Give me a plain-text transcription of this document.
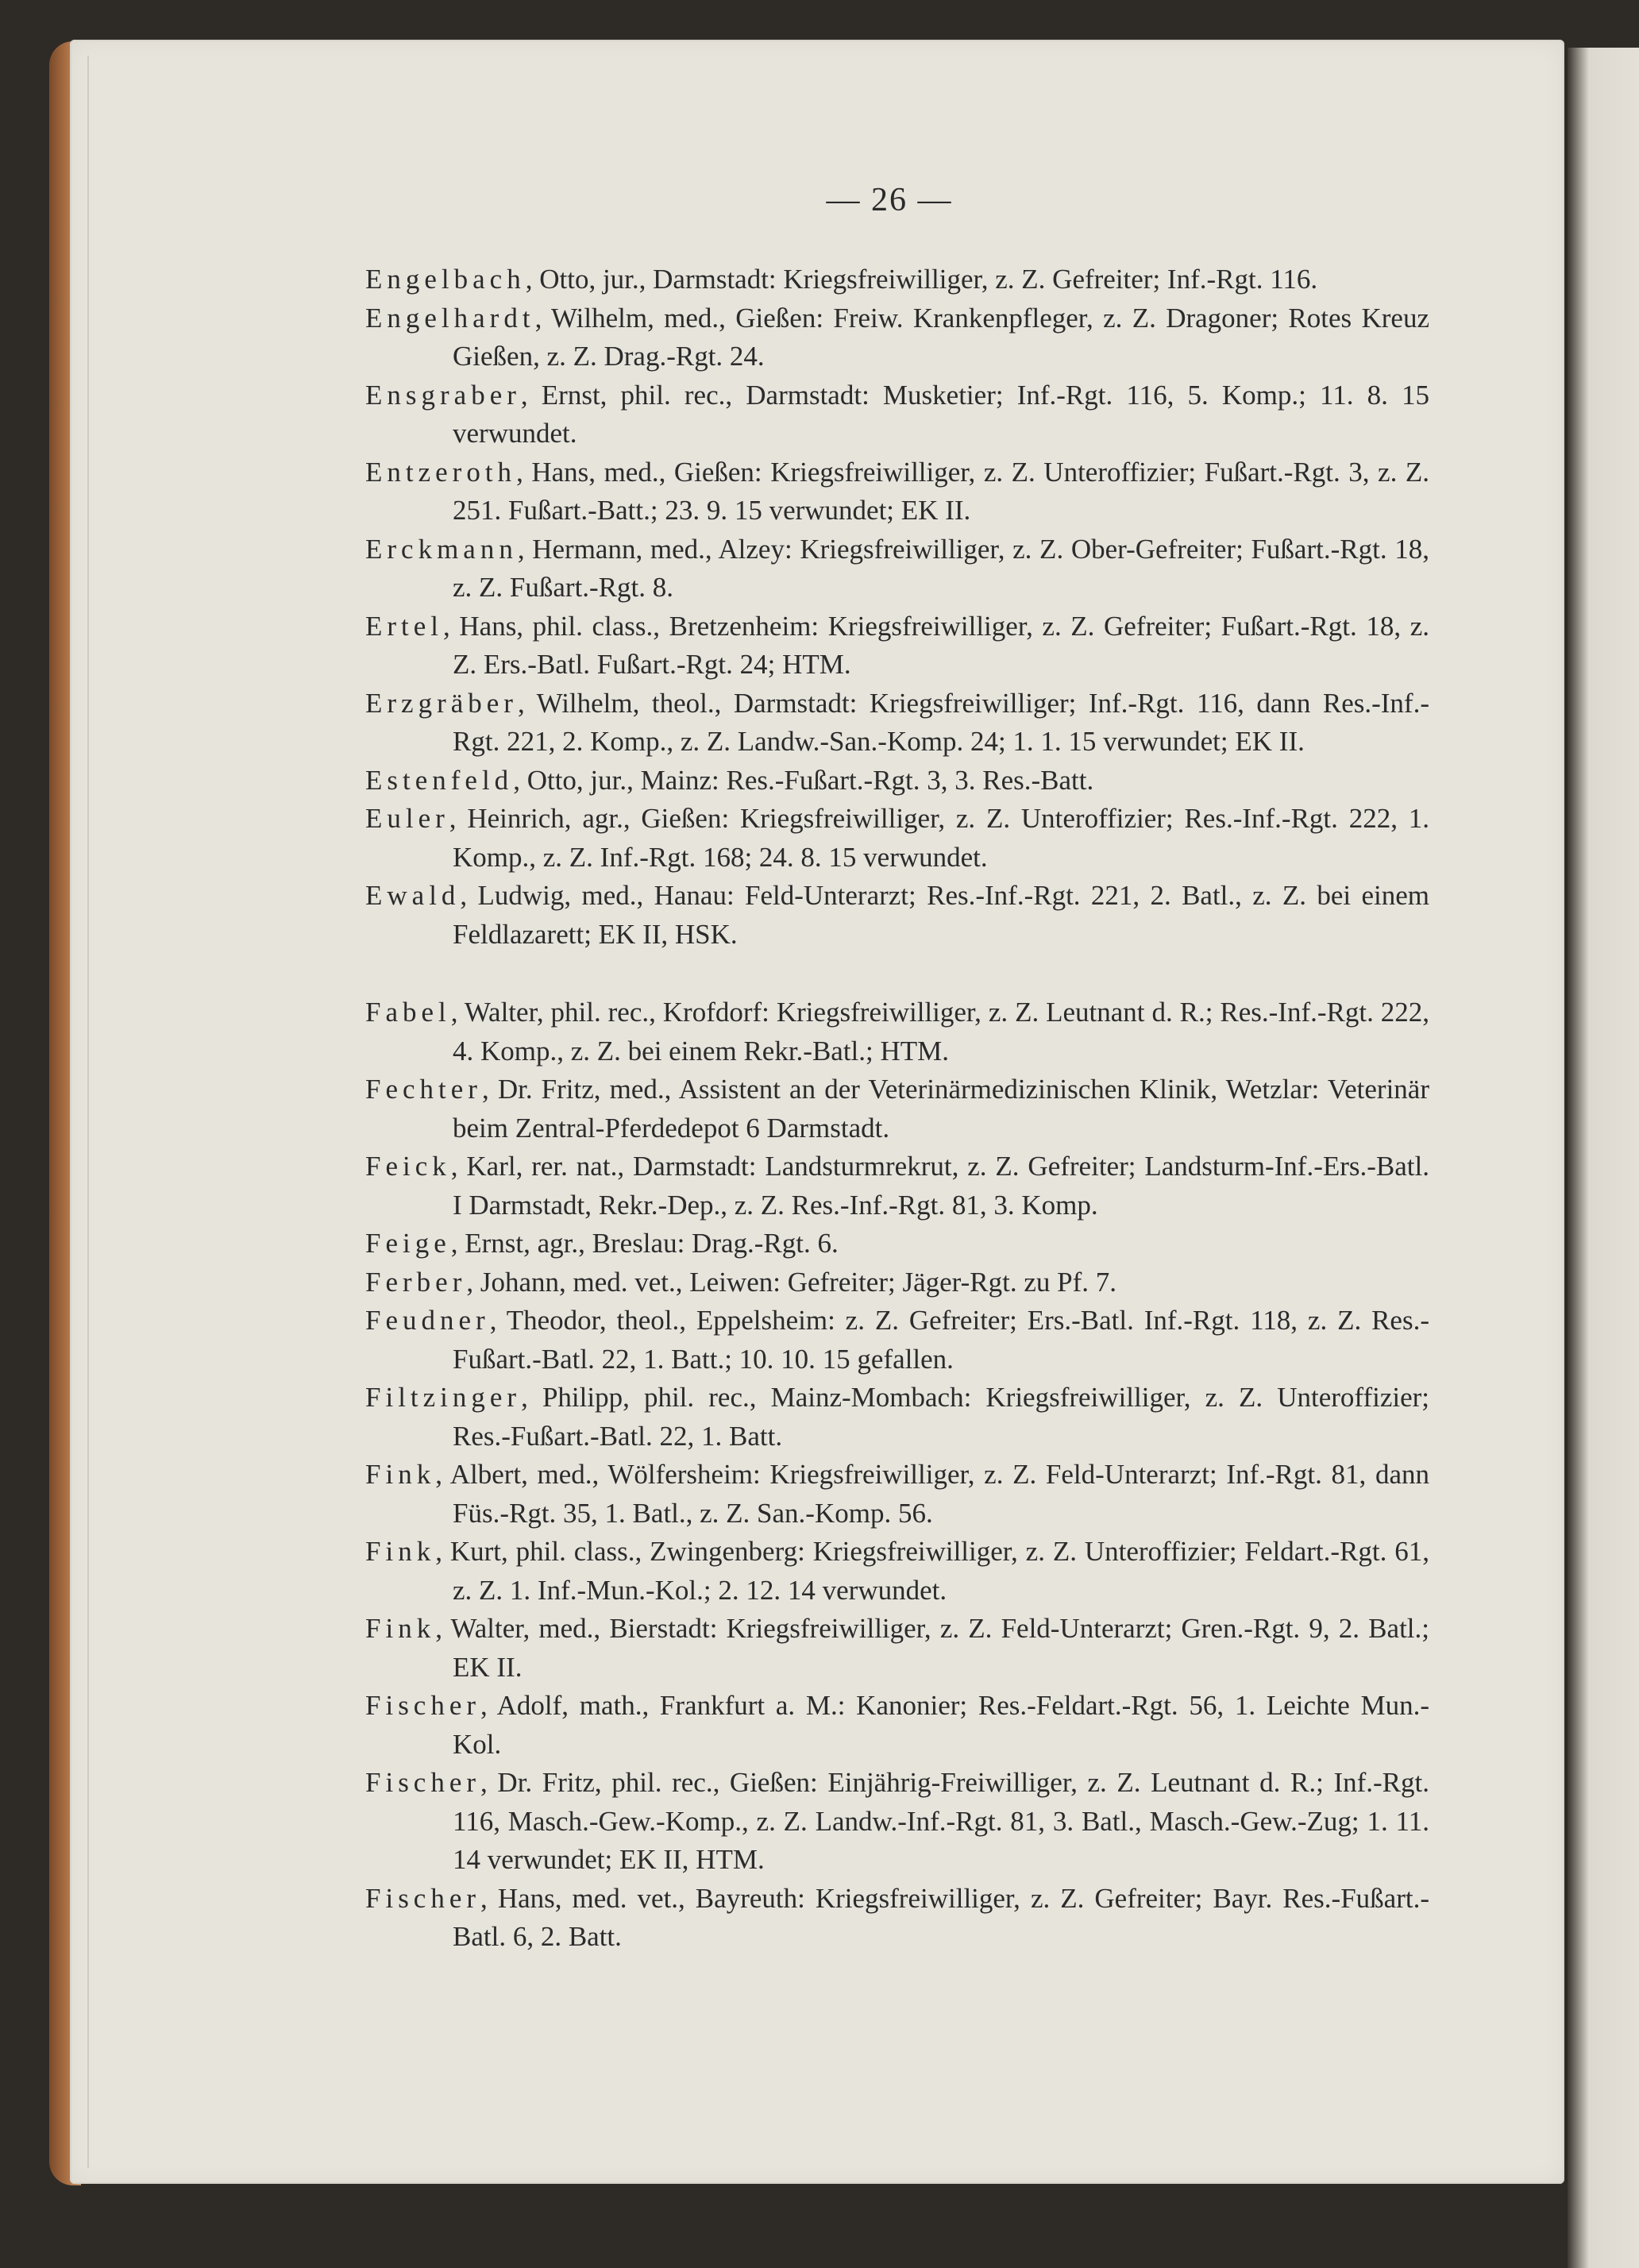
— 26 —
Engelbach, Otto, jur., Darmstadt: Kriegsfreiwilliger, z. Z. Gefreiter; Inf.-Rgt. 116.
Engelhardt, Wilhelm, med., Gießen: Freiw. Krankenpfleger, z. Z. Dragoner; Rotes Kreuz Gießen, z. Z. Drag.-Rgt. 24.
Ensgraber, Ernst, phil. rec., Darmstadt: Musketier; Inf.-Rgt. 116, 5. Komp.; 11. 8. 15 verwundet.
Entzeroth, Hans, med., Gießen: Kriegsfreiwilliger, z. Z. Unteroffizier; Fußart.-Rgt. 3, z. Z. 251. Fußart.-Batt.; 23. 9. 15 verwundet; EK II.
Erckmann, Hermann, med., Alzey: Kriegsfreiwilliger, z. Z. Ober-Gefreiter; Fußart.-Rgt. 18, z. Z. Fußart.-Rgt. 8.
Ertel, Hans, phil. class., Bretzenheim: Kriegsfreiwilliger, z. Z. Gefreiter; Fußart.-Rgt. 18, z. Z. Ers.-Batl. Fußart.-Rgt. 24; HTM.
Erzgräber, Wilhelm, theol., Darmstadt: Kriegsfreiwilliger; Inf.-Rgt. 116, dann Res.-Inf.-Rgt. 221, 2. Komp., z. Z. Landw.-San.-Komp. 24; 1. 1. 15 verwundet; EK II.
Estenfeld, Otto, jur., Mainz: Res.-Fußart.-Rgt. 3, 3. Res.-Batt.
Euler, Heinrich, agr., Gießen: Kriegsfreiwilliger, z. Z. Unteroffizier; Res.-Inf.-Rgt. 222, 1. Komp., z. Z. Inf.-Rgt. 168; 24. 8. 15 verwundet.
Ewald, Ludwig, med., Hanau: Feld-Unterarzt; Res.-Inf.-Rgt. 221, 2. Batl., z. Z. bei einem Feldlazarett; EK II, HSK.
Fabel, Walter, phil. rec., Krofdorf: Kriegsfreiwilliger, z. Z. Leutnant d. R.; Res.-Inf.-Rgt. 222, 4. Komp., z. Z. bei einem Rekr.-Batl.; HTM.
Fechter, Dr. Fritz, med., Assistent an der Veterinärmedizinischen Klinik, Wetzlar: Veterinär beim Zentral-Pferdedepot 6 Darmstadt.
Feick, Karl, rer. nat., Darmstadt: Landsturmrekrut, z. Z. Gefreiter; Landsturm-Inf.-Ers.-Batl. I Darmstadt, Rekr.-Dep., z. Z. Res.-Inf.-Rgt. 81, 3. Komp.
Feige, Ernst, agr., Breslau: Drag.-Rgt. 6.
Ferber, Johann, med. vet., Leiwen: Gefreiter; Jäger-Rgt. zu Pf. 7.
Feudner, Theodor, theol., Eppelsheim: z. Z. Gefreiter; Ers.-Batl. Inf.-Rgt. 118, z. Z. Res.-Fußart.-Batl. 22, 1. Batt.; 10. 10. 15 gefallen.
Filtzinger, Philipp, phil. rec., Mainz-Mombach: Kriegsfreiwilliger, z. Z. Unteroffizier; Res.-Fußart.-Batl. 22, 1. Batt.
Fink, Albert, med., Wölfersheim: Kriegsfreiwilliger, z. Z. Feld-Unterarzt; Inf.-Rgt. 81, dann Füs.-Rgt. 35, 1. Batl., z. Z. San.-Komp. 56.
Fink, Kurt, phil. class., Zwingenberg: Kriegsfreiwilliger, z. Z. Unteroffizier; Feldart.-Rgt. 61, z. Z. 1. Inf.-Mun.-Kol.; 2. 12. 14 verwundet.
Fink, Walter, med., Bierstadt: Kriegsfreiwilliger, z. Z. Feld-Unterarzt; Gren.-Rgt. 9, 2. Batl.; EK II.
Fischer, Adolf, math., Frankfurt a. M.: Kanonier; Res.-Feldart.-Rgt. 56, 1. Leichte Mun.-Kol.
Fischer, Dr. Fritz, phil. rec., Gießen: Einjährig-Freiwilliger, z. Z. Leutnant d. R.; Inf.-Rgt. 116, Masch.-Gew.-Komp., z. Z. Landw.-Inf.-Rgt. 81, 3. Batl., Masch.-Gew.-Zug; 1. 11. 14 verwundet; EK II, HTM.
Fischer, Hans, med. vet., Bayreuth: Kriegsfreiwilliger, z. Z. Gefreiter; Bayr. Res.-Fußart.-Batl. 6, 2. Batt.
